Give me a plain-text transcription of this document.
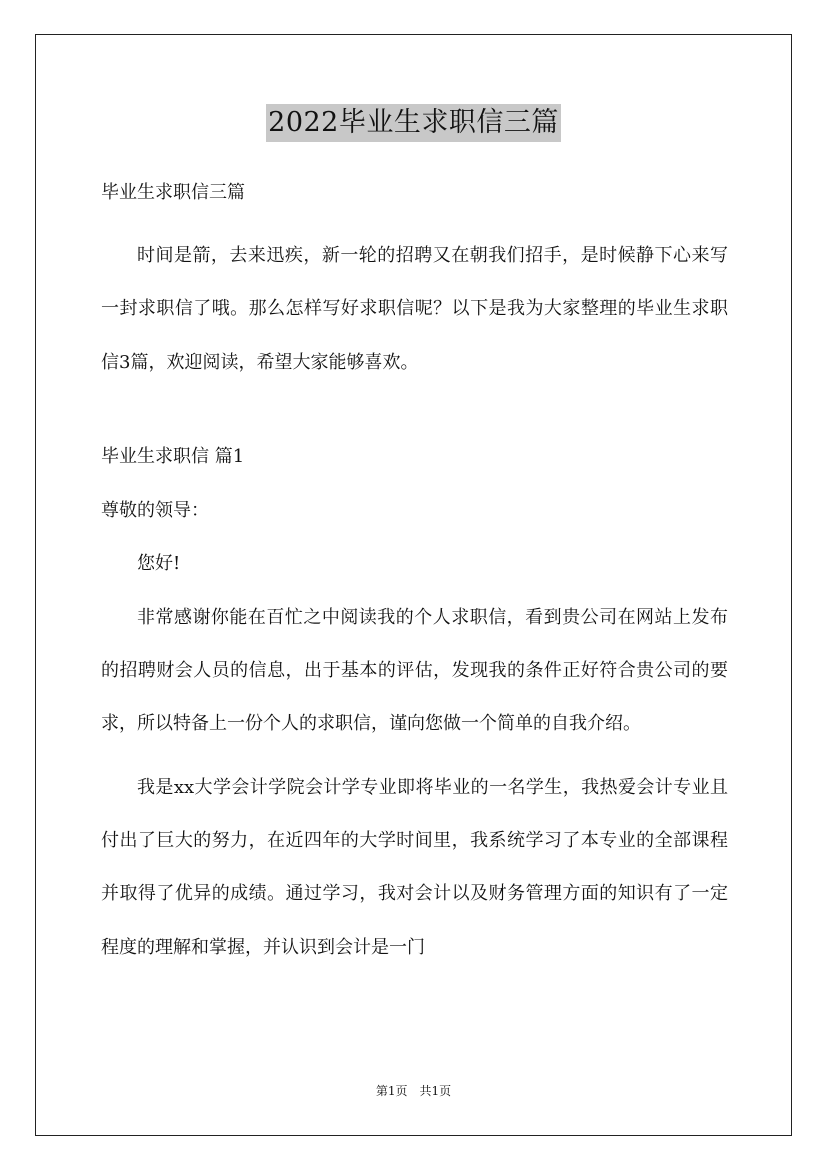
2022毕业生求职信三篇

毕业生求职信三篇

时间是箭，去来迅疾，新一轮的招聘又在朝我们招手，是时候静下心来写一封求职信了哦。那么怎样写好求职信呢？以下是我为大家整理的毕业生求职信3篇，欢迎阅读，希望大家能够喜欢。

毕业生求职信 篇1

尊敬的领导：

您好!

非常感谢你能在百忙之中阅读我的个人求职信，看到贵公司在网站上发布的招聘财会人员的信息，出于基本的评估，发现我的条件正好符合贵公司的要求，所以特备上一份个人的求职信，谨向您做一个简单的自我介绍。

我是xx大学会计学院会计学专业即将毕业的一名学生，我热爱会计专业且付出了巨大的努力，在近四年的大学时间里，我系统学习了本专业的全部课程并取得了优异的成绩。通过学习，我对会计以及财务管理方面的知识有了一定程度的理解和掌握，并认识到会计是一门

第1页　共1页
